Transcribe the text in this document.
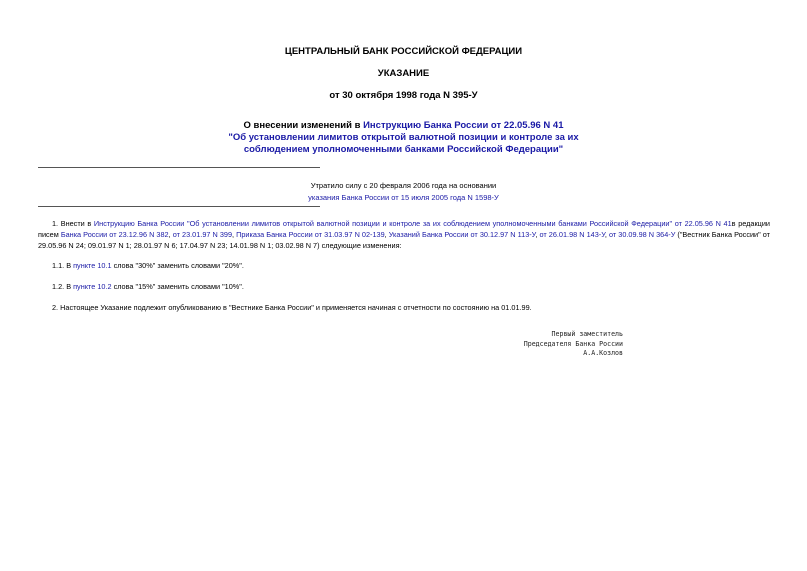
ЦЕНТРАЛЬНЫЙ БАНК РОССИЙСКОЙ ФЕДЕРАЦИИ
УКАЗАНИЕ
от 30 октября 1998 года N 395-У
О внесении изменений в Инструкцию Банка России от 22.05.96 N 41
"Об установлении лимитов открытой валютной позиции и контроле за их
соблюдением уполномоченными банками Российской Федерации"
Утратило силу с 20 февраля 2006 года на основании
указания Банка России от 15 июля 2005 года N 1598-У
1. Внести в Инструкцию Банка России "Об установлении лимитов открытой валютной позиции и контроле за их соблюдением уполномоченными банками Российской Федерации" от 22.05.96 N 41в редакции писем Банка России от 23.12.96 N 382, от 23.01.97 N 399, Приказа Банка России от 31.03.97 N 02-139, Указаний Банка России от 30.12.97 N 113-У, от 26.01.98 N 143-У, от 30.09.98 N 364-У ("Вестник Банка России" от 29.05.96 N 24; 09.01.97 N 1; 28.01.97 N 6; 17.04.97 N 23; 14.01.98 N 1; 03.02.98 N 7) следующие изменения:
1.1. В пункте 10.1 слова "30%" заменить словами "20%".
1.2. В пункте 10.2 слова "15%" заменить словами "10%".
2. Настоящее Указание подлежит опубликованию в "Вестнике Банка России" и применяется начиная с отчетности по состоянию на 01.01.99.
Первый заместитель
Председателя Банка России
А.А.Козлов
